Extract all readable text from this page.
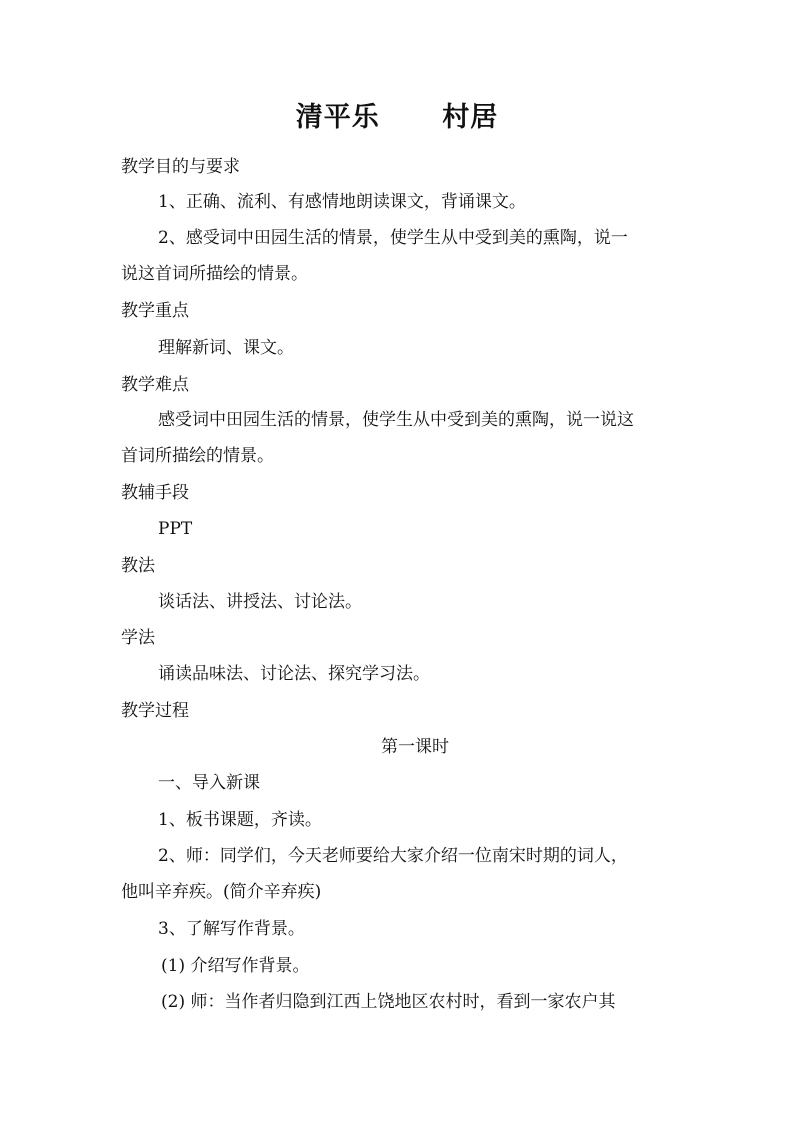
清平乐      村居
教学目的与要求
1、正确、流利、有感情地朗读课文，背诵课文。
2、感受词中田园生活的情景，使学生从中受到美的熏陶，说一
说这首词所描绘的情景。
教学重点
理解新词、课文。
教学难点
感受词中田园生活的情景，使学生从中受到美的熏陶，说一说这
首词所描绘的情景。
教辅手段
PPT
教法
谈话法、讲授法、讨论法。
学法
诵读品味法、讨论法、探究学习法。
教学过程
第一课时
一、导入新课
1、板书课题，齐读。
2、师：同学们，今天老师要给大家介绍一位南宋时期的词人，
他叫辛弃疾。(简介辛弃疾)
3、了解写作背景。
(1) 介绍写作背景。
(2) 师：当作者归隐到江西上饶地区农村时，看到一家农户其
